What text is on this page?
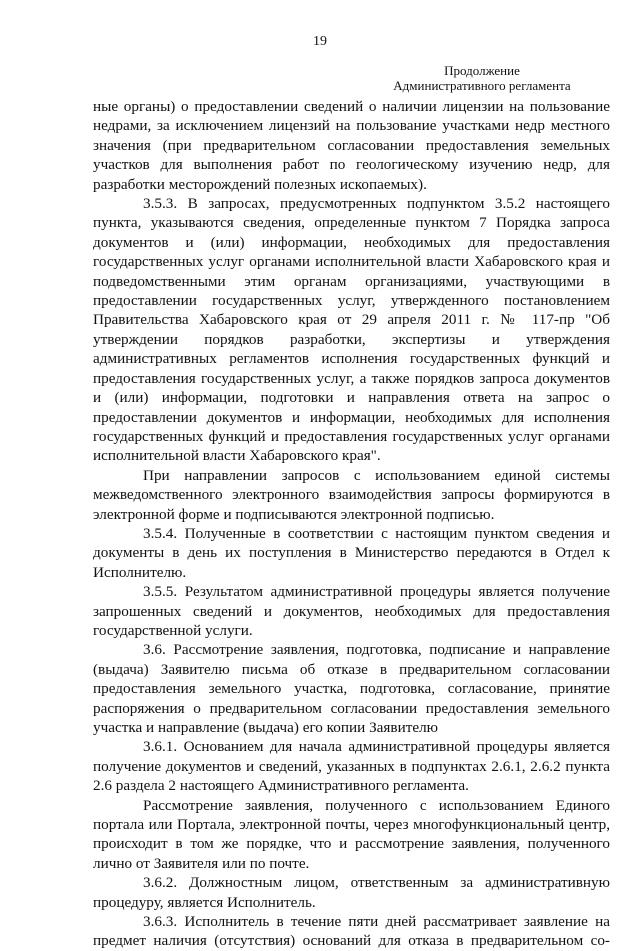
19
Продолжение
Административного регламента

ные органы) о предоставлении сведений о наличии лицензии на пользование недрами, за исключением лицензий на пользование участками недр местного значения (при предварительном согласовании предоставления земельных участков для выполнения работ по геологическому изучению недр, для разработки месторождений полезных ископаемых).

3.5.3. В запросах, предусмотренных подпунктом 3.5.2 настоящего пункта, указываются сведения, определенные пунктом 7 Порядка запроса документов и (или) информации, необходимых для предоставления государственных услуг органами исполнительной власти Хабаровского края и подведомственными этим органам организациями, участвующими в предоставлении государственных услуг, утвержденного постановлением Правительства Хабаровского края от 29 апреля 2011 г. № 117-пр "Об утверждении порядков разработки, экспертизы и утверждения административных регламентов исполнения государственных функций и предоставления государственных услуг, а также порядков запроса документов и (или) информации, подготовки и направления ответа на запрос о предоставлении документов и информации, необходимых для исполнения государственных функций и предоставления государственных услуг органами исполнительной власти Хабаровского края".

При направлении запросов с использованием единой системы межведомственного электронного взаимодействия запросы формируются в электронной форме и подписываются электронной подписью.

3.5.4. Полученные в соответствии с настоящим пунктом сведения и документы в день их поступления в Министерство передаются в Отдел к Исполнителю.

3.5.5. Результатом административной процедуры является получение запрошенных сведений и документов, необходимых для предоставления государственной услуги.

3.6. Рассмотрение заявления, подготовка, подписание и направление (выдача) Заявителю письма об отказе в предварительном согласовании предоставления земельного участка, подготовка, согласование, принятие распоряжения о предварительном согласовании предоставления земельного участка и направление (выдача) его копии Заявителю

3.6.1. Основанием для начала административной процедуры является получение документов и сведений, указанных в подпунктах 2.6.1, 2.6.2 пункта 2.6 раздела 2 настоящего Административного регламента.

Рассмотрение заявления, полученного с использованием Единого портала или Портала, электронной почты, через многофункциональный центр, происходит в том же порядке, что и рассмотрение заявления, полученного лично от Заявителя или по почте.

3.6.2. Должностным лицом, ответственным за административную процедуру, является Исполнитель.

3.6.3. Исполнитель в течение пяти дней рассматривает заявление на предмет наличия (отсутствия) оснований для отказа в предварительном со-
